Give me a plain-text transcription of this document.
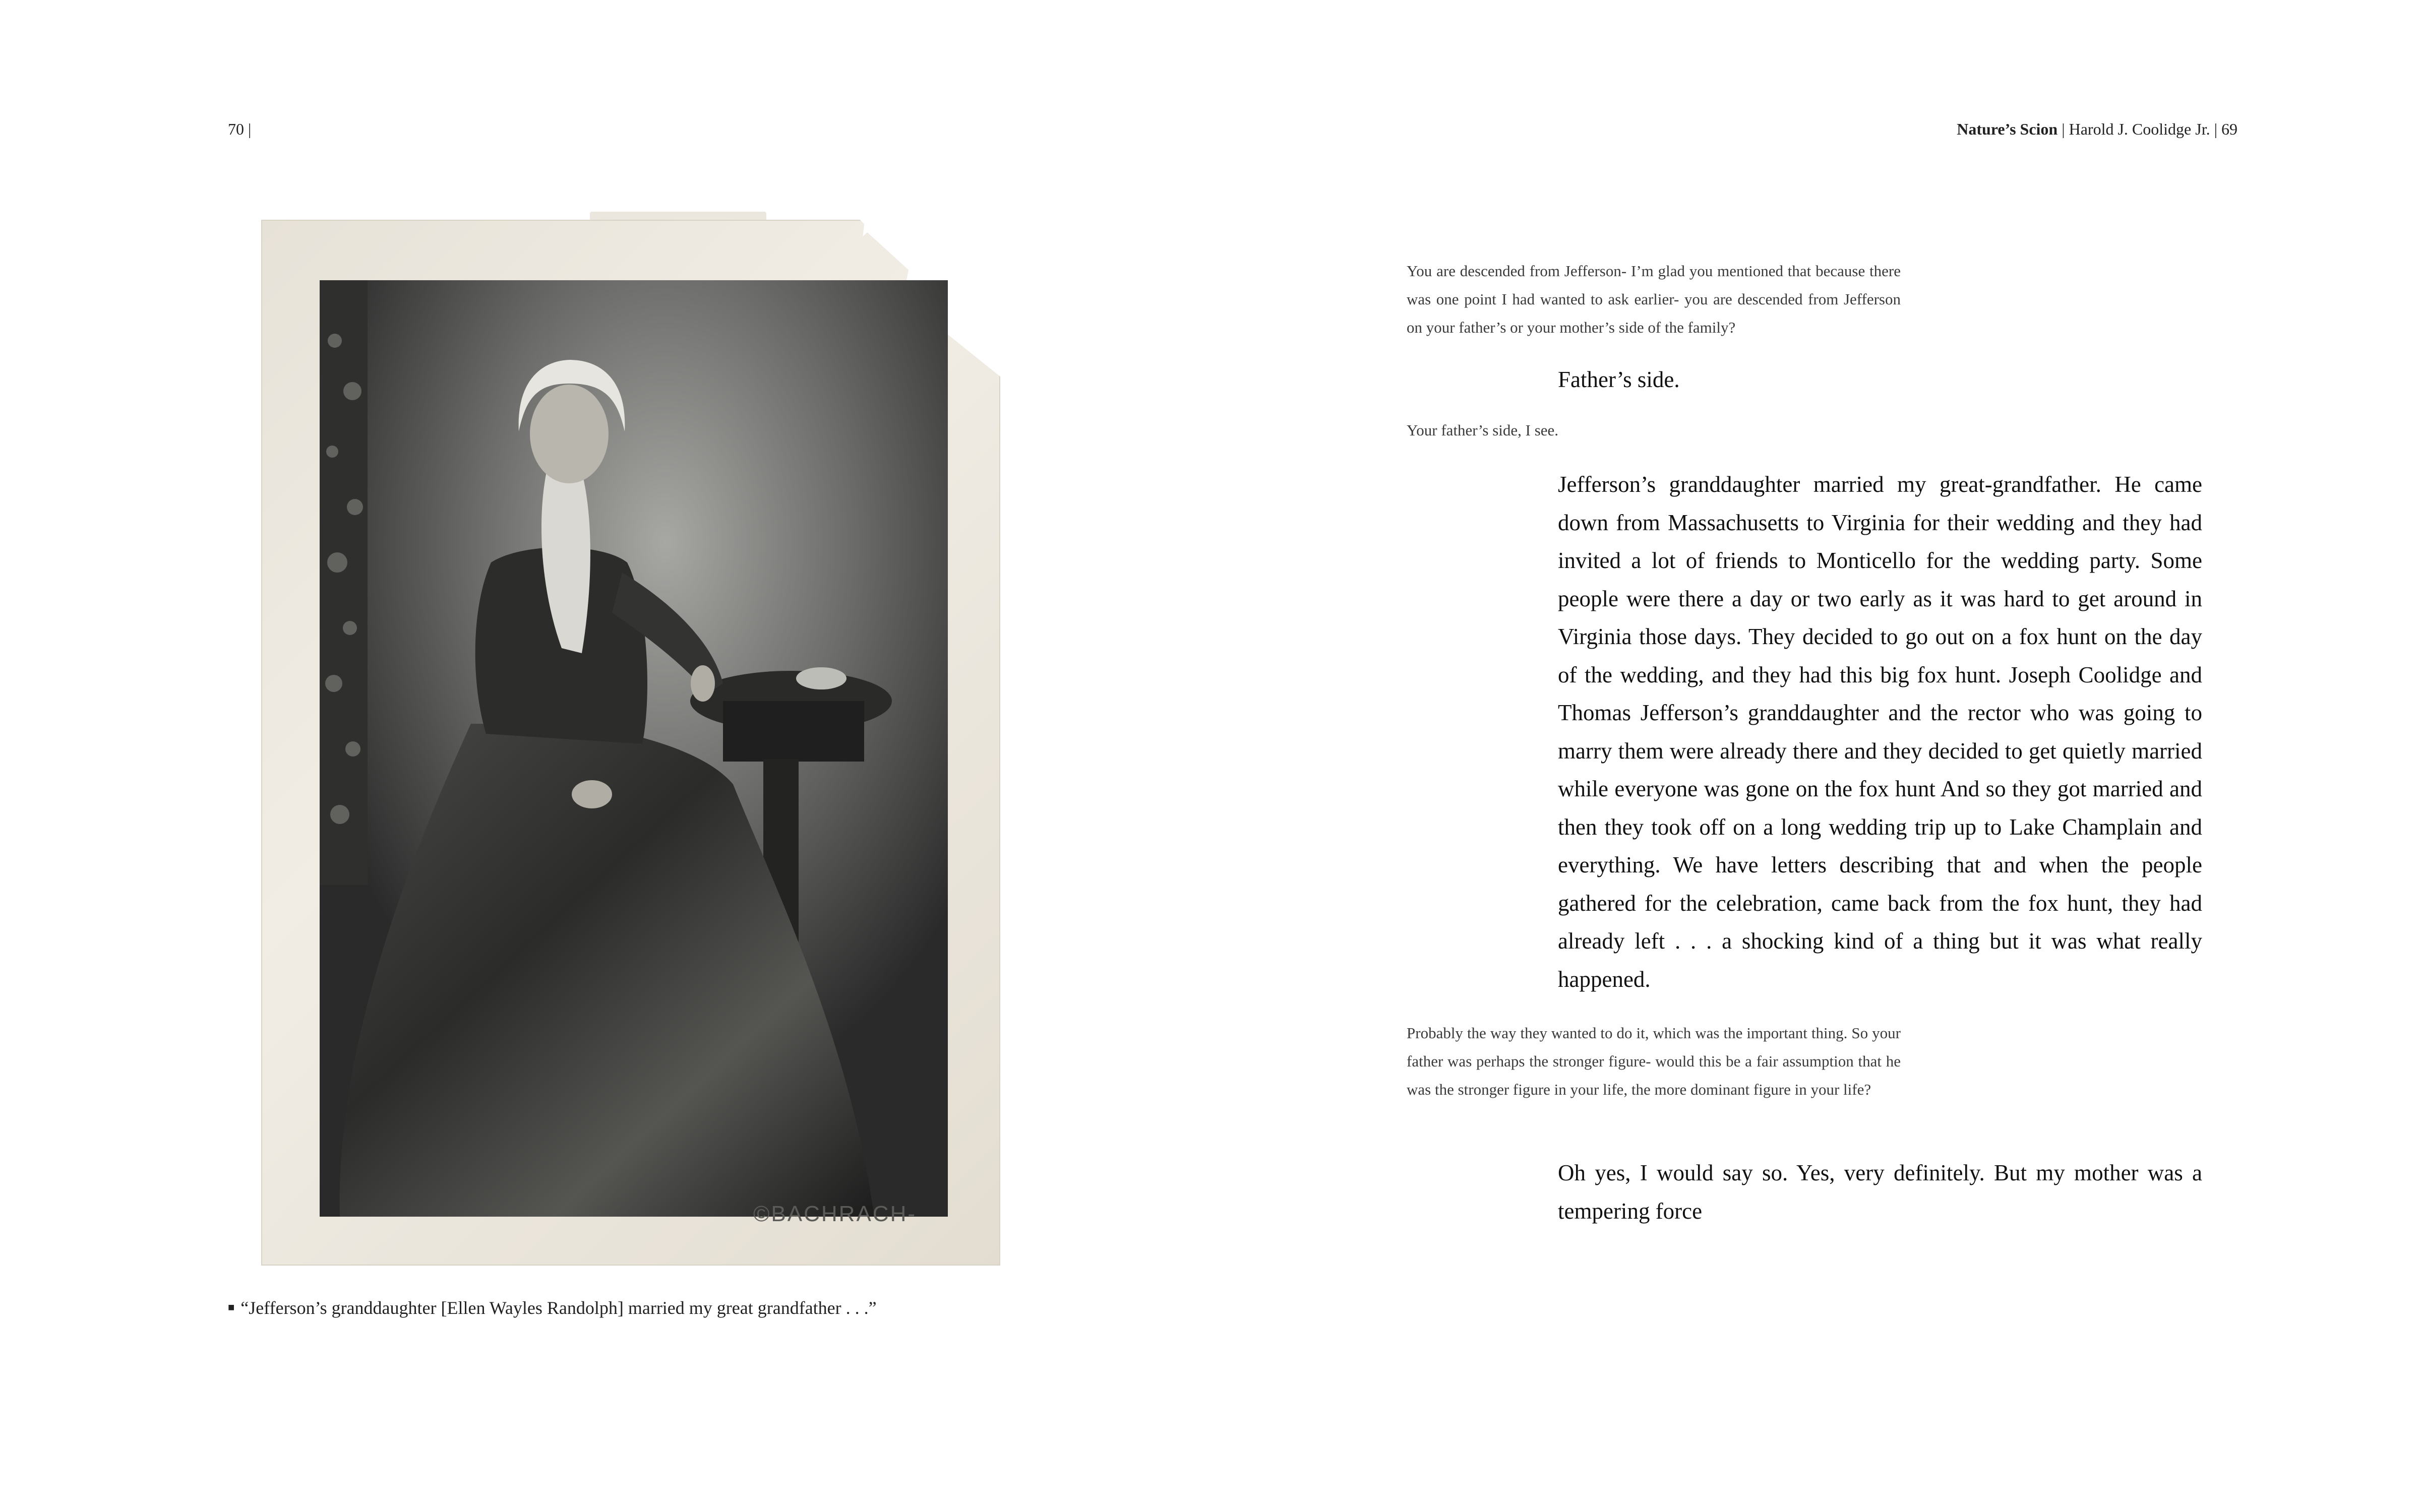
70 |
©BACHRACH-
■ “Jefferson’s granddaughter [Ellen Wayles Randolph] married my great grandfather . . .”
Nature’s Scion | Harold J. Coolidge Jr. | 69
You are descended from Jefferson- I’m glad you mentioned that because there was one point I had wanted to ask earlier- you are descended from Jefferson on your father’s or your mother’s side of the family?
Father’s side.
Your father’s side, I see.
Jefferson’s granddaughter married my great-grandfather. He came down from Massachusetts to Virginia for their wedding and they had invited a lot of friends to Monticello for the wedding party. Some people were there a day or two early as it was hard to get around in Virginia those days. They decided to go out on a fox hunt on the day of the wedding, and they had this big fox hunt. Joseph Coolidge and Thomas Jefferson’s granddaughter and the rector who was going to marry them were already there and they decided to get quietly married while everyone was gone on the fox hunt And so they got married and then they took off on a long wedding trip up to Lake Champlain and everything. We have letters describing that and when the people gathered for the celebration, came back from the fox hunt, they had already left . . . a shocking kind of a thing but it was what really happened.
Probably the way they wanted to do it, which was the important thing. So your father was perhaps the stronger figure- would this be a fair assumption that he was the stronger figure in your life, the more dominant figure in your life?
Oh yes, I would say so. Yes, very definitely. But my mother was a tempering force
